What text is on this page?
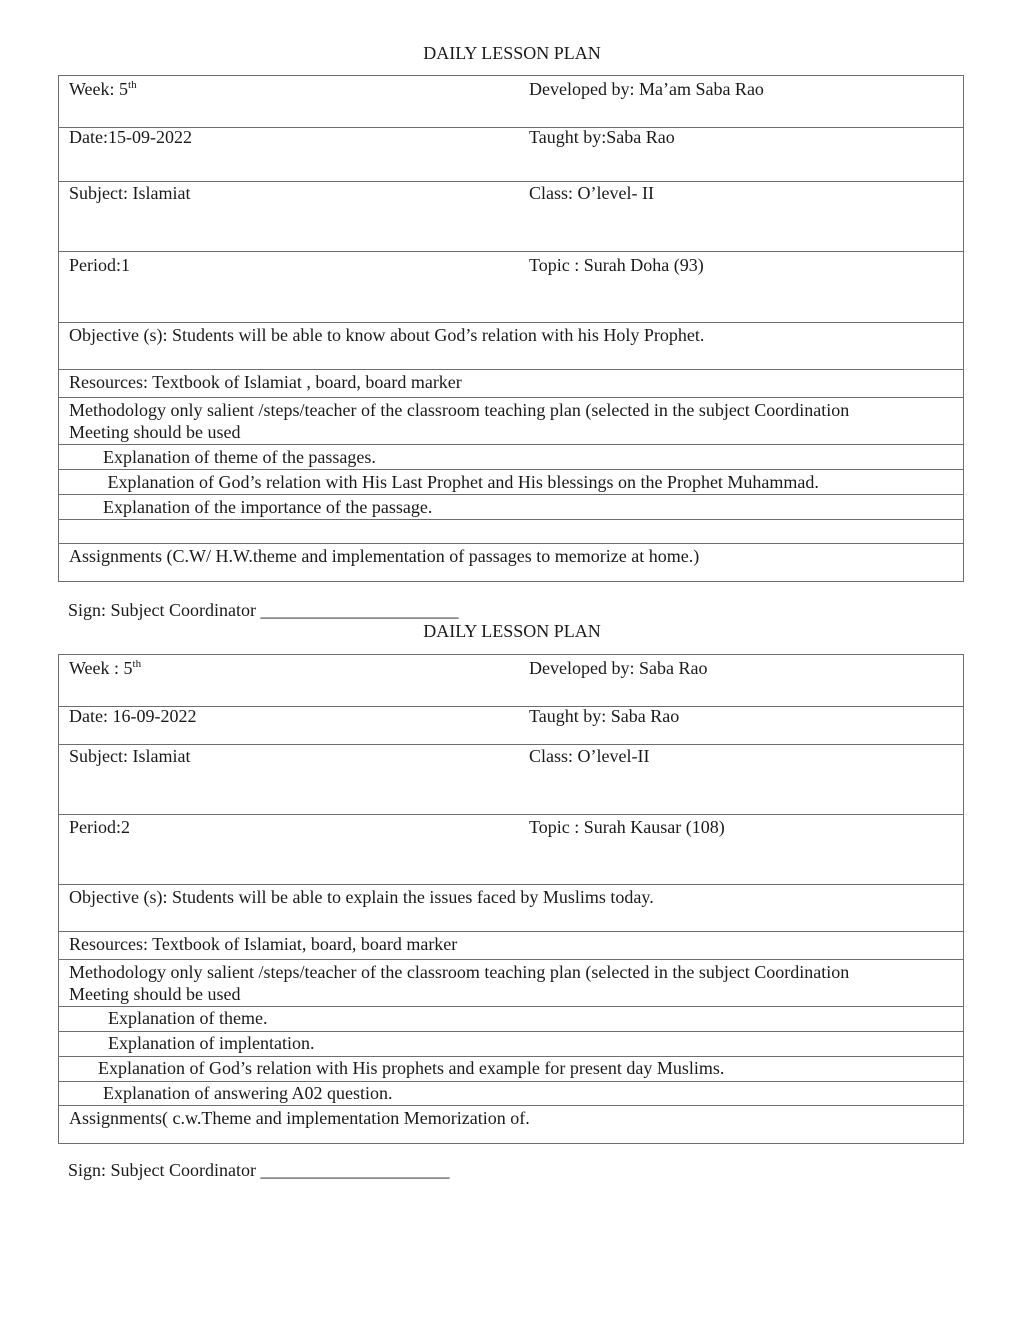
DAILY LESSON PLAN
Week: 5th	Developed by: Ma’am Saba Rao
Date:15-09-2022	Taught by:Saba Rao
Subject: Islamiat	Class: O’level- II
Period:1	Topic : Surah Doha (93)
Objective (s): Students will be able to know about God’s relation with his Holy Prophet.
Resources: Textbook of Islamiat , board, board marker
Methodology only salient /steps/teacher of the classroom teaching plan (selected in the subject Coordination
Meeting should be used
Explanation of theme of the passages.
Explanation of God’s relation with His Last Prophet and His blessings on the Prophet Muhammad.
Explanation of the importance of the passage.
Assignments (C.W/ H.W.theme and implementation of passages to memorize at home.)
Sign: Subject Coordinator ______________________
DAILY LESSON PLAN
Week : 5th	Developed by: Saba Rao
Date: 16-09-2022	Taught by: Saba Rao
Subject: Islamiat	Class: O’level-II
Period:2	Topic : Surah Kausar (108)
Objective (s): Students will be able to explain the issues faced by Muslims today.
Resources: Textbook of Islamiat, board, board marker
Methodology only salient /steps/teacher of the classroom teaching plan (selected in the subject Coordination
Meeting should be used
Explanation of theme.
Explanation of implentation.
Explanation of God’s relation with His prophets and example for present day Muslims.
Explanation of answering A02 question.
Assignments( c.w.Theme and implementation Memorization of.
Sign: Subject Coordinator _____________________
